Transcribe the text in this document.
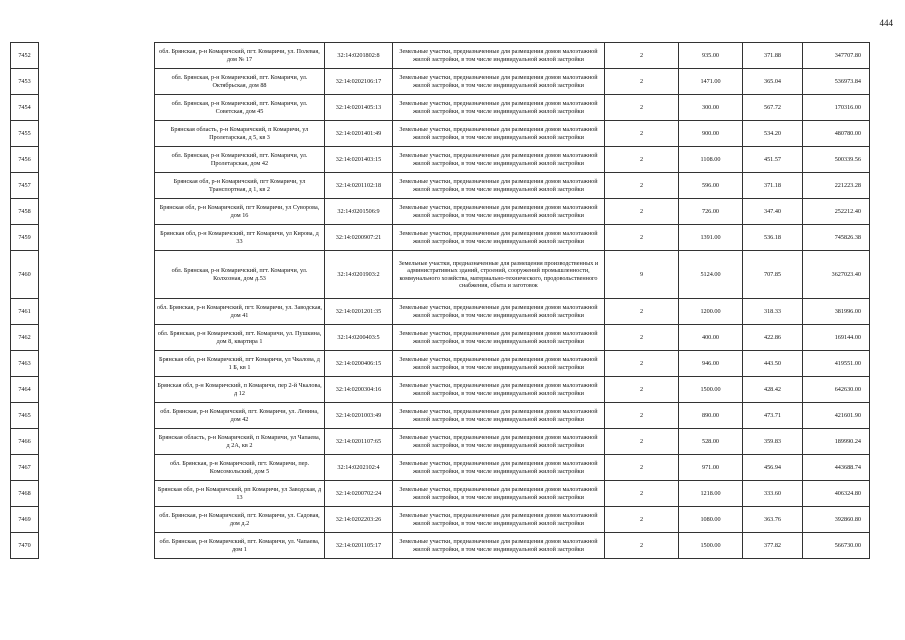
444
7452		обл. Брянская, р-н Комаричский, пгт. Комаричи, ул. Полевая, дом № 17	32:14:0201802:8	Земельные участки, предназначенные для размещения домов малоэтажной жилой застройки, в том числе индивидуальной жилой застройки	2	935.00	371.88	347707.80
7453		обл. Брянская, р-н Комаричский, пгт. Комаричи, ул. Октябрьская, дом 88	32:14:0202106:17	Земельные участки, предназначенные для размещения домов малоэтажной жилой застройки, в том числе индивидуальной жилой застройки	2	1471.00	365.04	536973.84
7454		обл. Брянская, р-н Комаричский, пгт. Комаричи, ул. Советская, дом 45	32:14:0201405:13	Земельные участки, предназначенные для размещения домов малоэтажной жилой застройки, в том числе индивидуальной жилой застройки	2	300.00	567.72	170316.00
7455		Брянская область, р-н Комаричский, п Комаричи, ул Пролетарская, д 5, кв 3	32:14:0201401:49	Земельные участки, предназначенные для размещения домов малоэтажной жилой застройки, в том числе индивидуальной жилой застройки	2	900.00	534.20	480780.00
7456		обл. Брянская, р-н Комаричский, пгт. Комаричи, ул. Пролетарская, дом 42	32:14:0201403:15	Земельные участки, предназначенные для размещения домов малоэтажной жилой застройки, в том числе индивидуальной жилой застройки	2	1108.00	451.57	500339.56
7457		Брянская обл, р-н Комаричский, пгт Комаричи, ул Транспортная, д 1, кв 2	32:14:0201102:18	Земельные участки, предназначенные для размещения домов малоэтажной жилой застройки, в том числе индивидуальной жилой застройки	2	596.00	371.18	221223.28
7458		Брянская обл, р-н Комаричский, пгт Комаричи, ул Суворова, дом 16	32:14:0201506:9	Земельные участки, предназначенные для размещения домов малоэтажной жилой застройки, в том числе индивидуальной жилой застройки	2	726.00	347.40	252212.40
7459		Брянская обл, р-н Комаричский, пгт Комаричи, ул Кирова, д 33	32:14:0200907:21	Земельные участки, предназначенные для размещения домов малоэтажной жилой застройки, в том числе индивидуальной жилой застройки	2	1391.00	536.18	745826.38
7460		обл. Брянская, р-н Комаричский, пгт. Комаричи, ул. Колхозная, дом д.53	32:14:0201903:2	Земельные участки, предназначенные для размещения производственных и административных зданий, строений, сооружений промышленности, коммунального хозяйства, материально-технического, продовольственного снабжения, сбыта и заготовок	9	5124.00	707.85	3627023.40
7461		обл. Брянская, р-н Комаричский, пгт. Комаричи, ул. Заводская, дом 41	32:14:0201201:35	Земельные участки, предназначенные для размещения домов малоэтажной жилой застройки, в том числе индивидуальной жилой застройки	2	1200.00	318.33	381996.00
7462		обл. Брянская, р-н Комаричский, пгт. Комаричи, ул. Пушкина, дом 8, квартира 1	32:14:0200403:5	Земельные участки, предназначенные для размещения домов малоэтажной жилой застройки, в том числе индивидуальной жилой застройки	2	400.00	422.86	169144.00
7463		Брянская обл, р-н Комаричский, пгт Комаричи, ул Чкалова, д 1 Б, кв 1	32:14:0200406:15	Земельные участки, предназначенные для размещения домов малоэтажной жилой застройки, в том числе индивидуальной жилой застройки	2	946.00	443.50	419551.00
7464		Брянская обл, р-н Комаричский, п Комаричи, пер 2-й Чкалова, д 12	32:14:0200304:16	Земельные участки, предназначенные для размещения домов малоэтажной жилой застройки, в том числе индивидуальной жилой застройки	2	1500.00	428.42	642630.00
7465		обл. Брянская, р-н Комаричский, пгт. Комаричи, ул. Ленина, дом 42	32:14:0201003:49	Земельные участки, предназначенные для размещения домов малоэтажной жилой застройки, в том числе индивидуальной жилой застройки	2	890.00	473.71	421601.90
7466		Брянская область, р-н Комаричский, п Комаричи, ул Чапаева, д 2А, кв 2	32:14:0201107:65	Земельные участки, предназначенные для размещения домов малоэтажной жилой застройки, в том числе индивидуальной жилой застройки	2	528.00	359.83	189990.24
7467		обл. Брянская, р-н Комаричский, пгт. Комаричи, пер. Комсомольский, дом 5	32:14:0202102:4	Земельные участки, предназначенные для размещения домов малоэтажной жилой застройки, в том числе индивидуальной жилой застройки	2	971.00	456.94	443688.74
7468		Брянская обл, р-н Комаричский, рп Комаричи, ул Заводская, д 13	32:14:0200702:24	Земельные участки, предназначенные для размещения домов малоэтажной жилой застройки, в том числе индивидуальной жилой застройки	2	1218.00	333.60	406324.80
7469		обл. Брянская, р-н Комаричский, пгт. Комаричи, ул. Садовая, дом д.2	32:14:0202203:26	Земельные участки, предназначенные для размещения домов малоэтажной жилой застройки, в том числе индивидуальной жилой застройки	2	1080.00	363.76	392860.80
7470		обл. Брянская, р-н Комаричский, пгт. Комаричи, ул. Чапаева, дом 1	32:14:0201105:17	Земельные участки, предназначенные для размещения домов малоэтажной жилой застройки, в том числе индивидуальной жилой застройки	2	1500.00	377.82	566730.00
